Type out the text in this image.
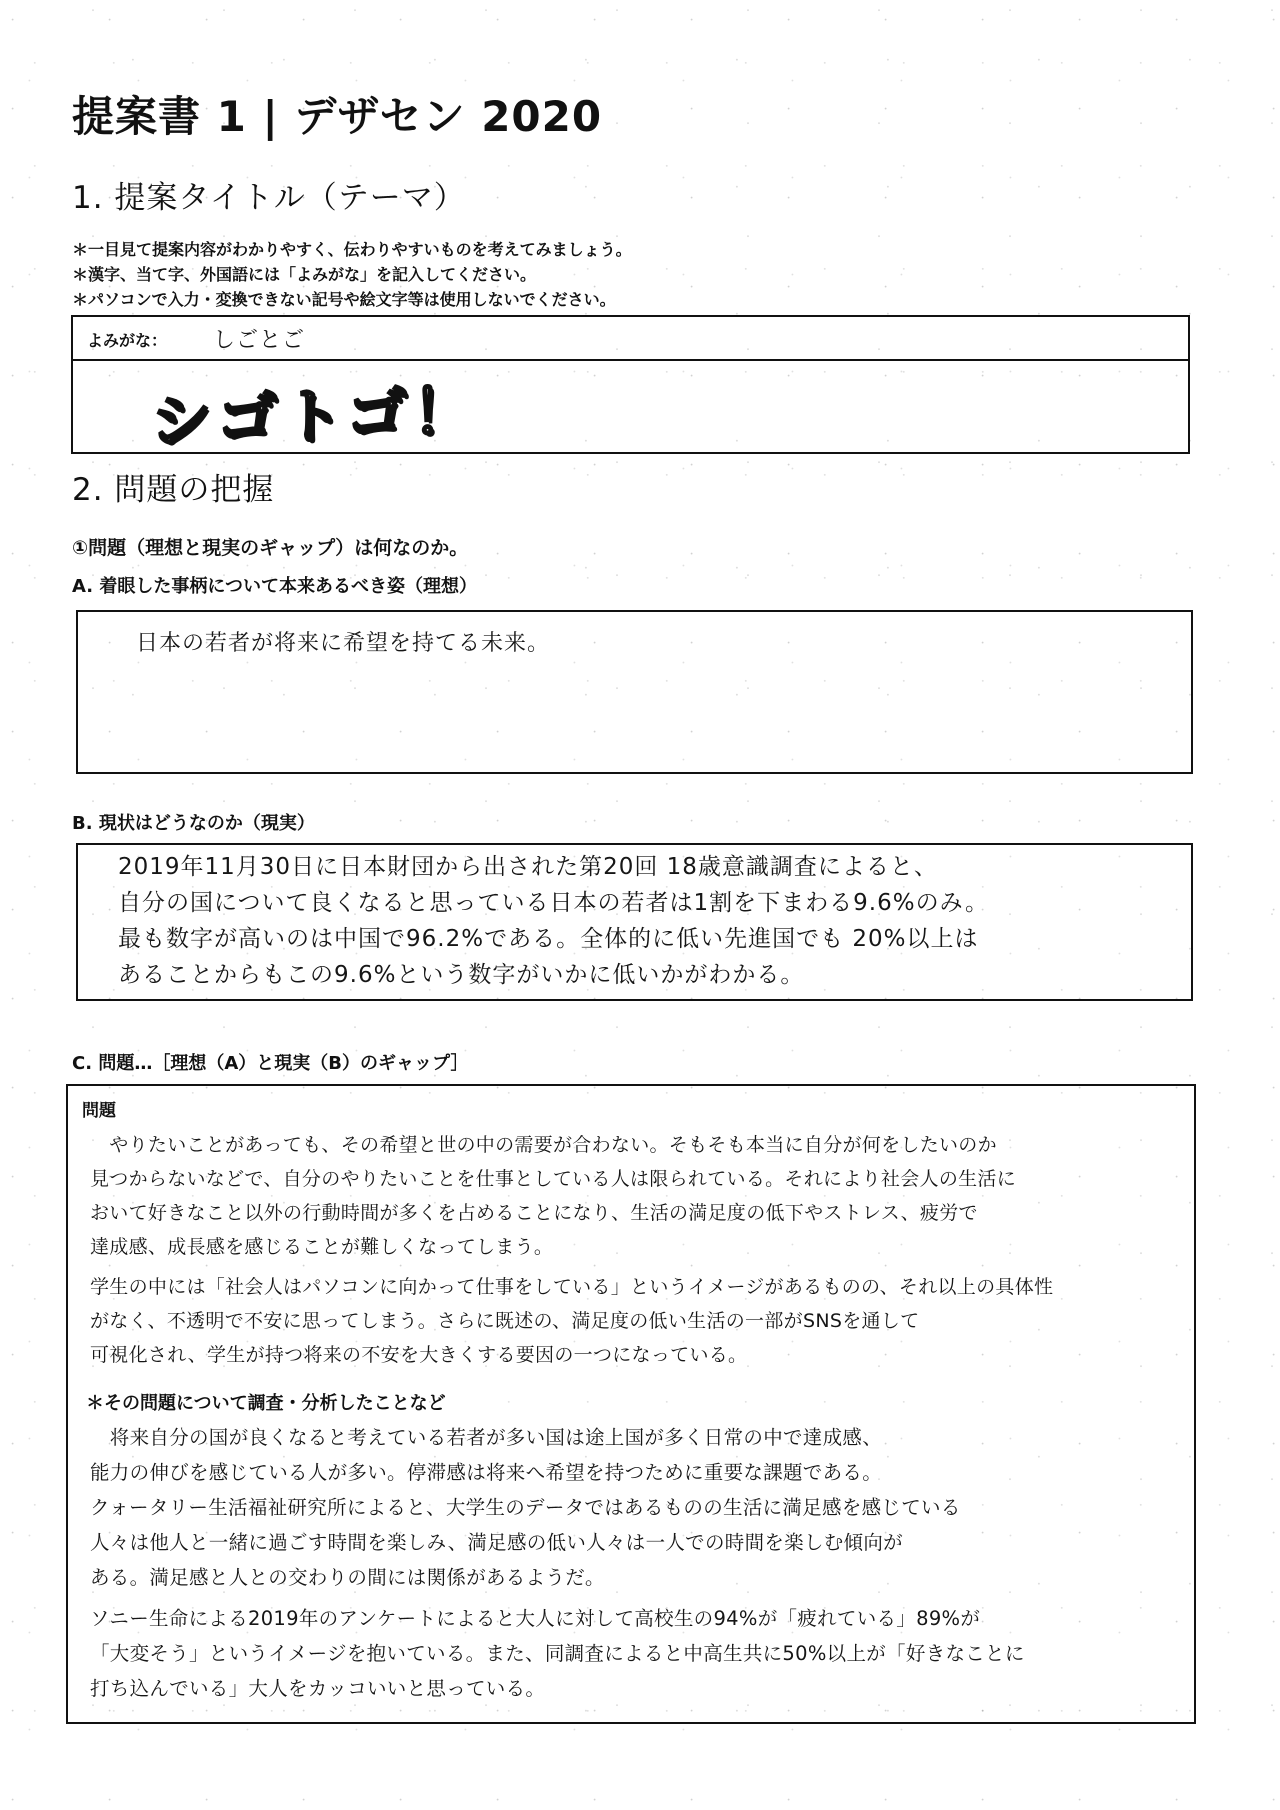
提案書 1 | デザセン 2020
1. 提案タイトル（テーマ）
＊一目見て提案内容がわかりやすく、伝わりやすいものを考えてみましょう。
＊漢字、当て字、外国語には「よみがな」を記入してください。
＊パソコンで入力・変換できない記号や絵文字等は使用しないでください。
よみがな： しごとご
シゴトゴ！
2. 問題の把握
①問題（理想と現実のギャップ）は何なのか。
A. 着眼した事柄について本来あるべき姿（理想）
日本の若者が将来に希望を持てる未来。
B. 現状はどうなのか（現実）
2019年11月30日に日本財団から出された第20回 18歳意識調査によると、
自分の国について良くなると思っている日本の若者は1割を下まわる9.6%のみ。
最も数字が高いのは中国で96.2%である。全体的に低い先進国でも 20%以上は
あることからもこの9.6%という数字がいかに低いかがわかる。
C. 問題…［理想（A）と現実（B）のギャップ］
問題
　やりたいことがあっても、その希望と世の中の需要が合わない。そもそも本当に自分が何をしたいのか
見つからないなどで、自分のやりたいことを仕事としている人は限られている。それにより社会人の生活に
おいて好きなこと以外の行動時間が多くを占めることになり、生活の満足度の低下やストレス、疲労で
達成感、成長感を感じることが難しくなってしまう。
学生の中には「社会人はパソコンに向かって仕事をしている」というイメージがあるものの、それ以上の具体性
がなく、不透明で不安に思ってしまう。さらに既述の、満足度の低い生活の一部がSNSを通して
可視化され、学生が持つ将来の不安を大きくする要因の一つになっている。
＊その問題について調査・分析したことなど
　将来自分の国が良くなると考えている若者が多い国は途上国が多く日常の中で達成感、
能力の伸びを感じている人が多い。停滞感は将来へ希望を持つために重要な課題である。
クォータリー生活福祉研究所によると、大学生のデータではあるものの生活に満足感を感じている
人々は他人と一緒に過ごす時間を楽しみ、満足感の低い人々は一人での時間を楽しむ傾向が
ある。満足感と人との交わりの間には関係があるようだ。
ソニー生命による2019年のアンケートによると大人に対して高校生の94%が「疲れている」89%が
「大変そう」というイメージを抱いている。また、同調査によると中高生共に50%以上が「好きなことに
打ち込んでいる」大人をカッコいいと思っている。
